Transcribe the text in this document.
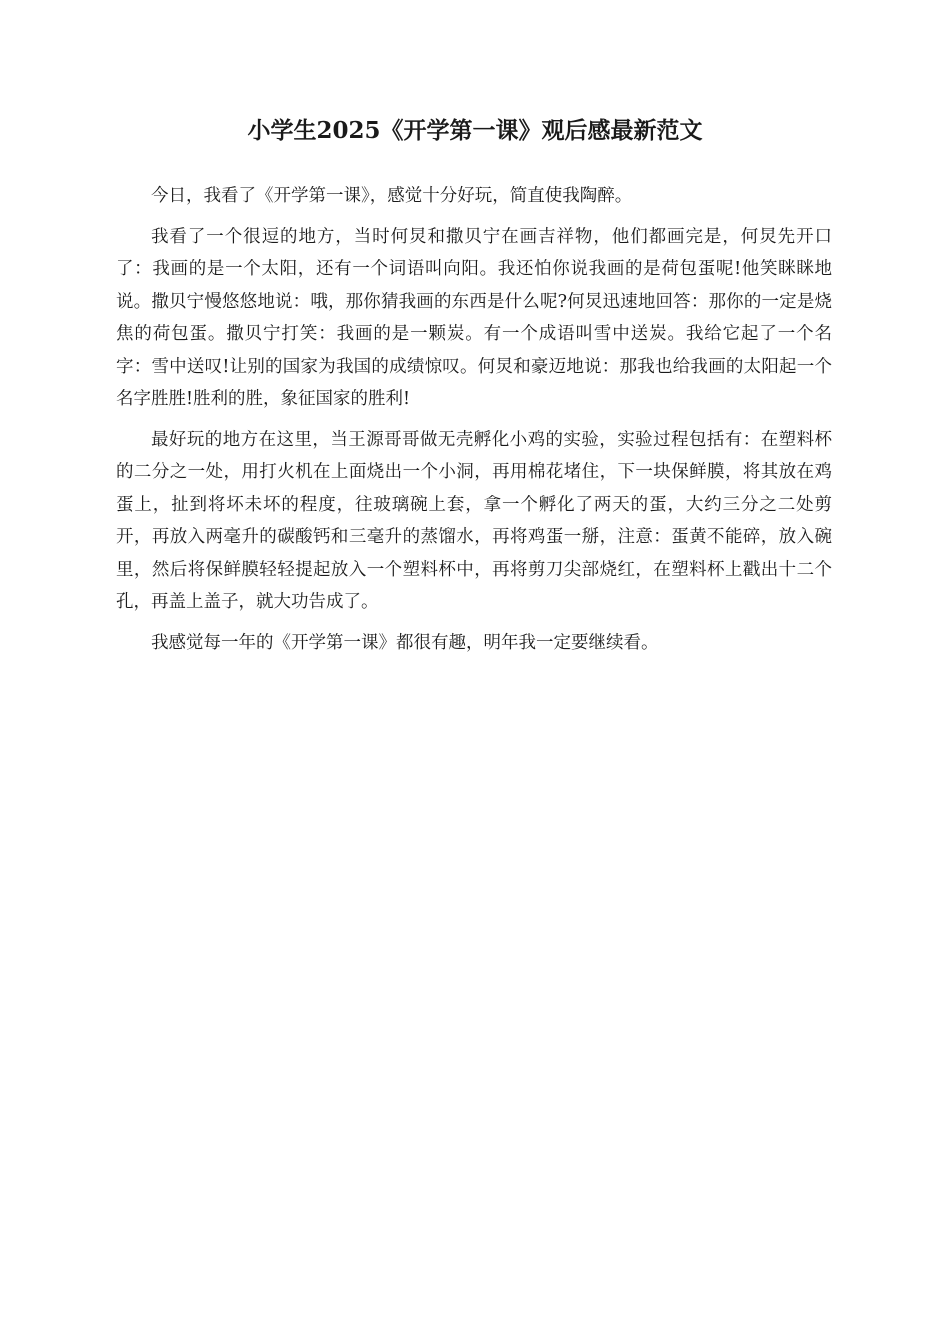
小学生2025《开学第一课》观后感最新范文

今日，我看了《开学第一课》，感觉十分好玩，简直使我陶醉。

我看了一个很逗的地方，当时何炅和撒贝宁在画吉祥物，他们都画完是，何炅先开口了：我画的是一个太阳，还有一个词语叫向阳。我还怕你说我画的是荷包蛋呢!他笑眯眯地说。撒贝宁慢悠悠地说：哦，那你猜我画的东西是什么呢?何炅迅速地回答：那你的一定是烧焦的荷包蛋。撒贝宁打笑：我画的是一颗炭。有一个成语叫雪中送炭。我给它起了一个名字：雪中送叹!让别的国家为我国的成绩惊叹。何炅和豪迈地说：那我也给我画的太阳起一个名字胜胜!胜利的胜，象征国家的胜利!

最好玩的地方在这里，当王源哥哥做无壳孵化小鸡的实验，实验过程包括有：在塑料杯的二分之一处，用打火机在上面烧出一个小洞，再用棉花堵住，下一块保鲜膜，将其放在鸡蛋上，扯到将坏未坏的程度，往玻璃碗上套，拿一个孵化了两天的蛋，大约三分之二处剪开，再放入两毫升的碳酸钙和三毫升的蒸馏水，再将鸡蛋一掰，注意：蛋黄不能碎，放入碗里，然后将保鲜膜轻轻提起放入一个塑料杯中，再将剪刀尖部烧红，在塑料杯上戳出十二个孔，再盖上盖子，就大功告成了。

我感觉每一年的《开学第一课》都很有趣，明年我一定要继续看。
